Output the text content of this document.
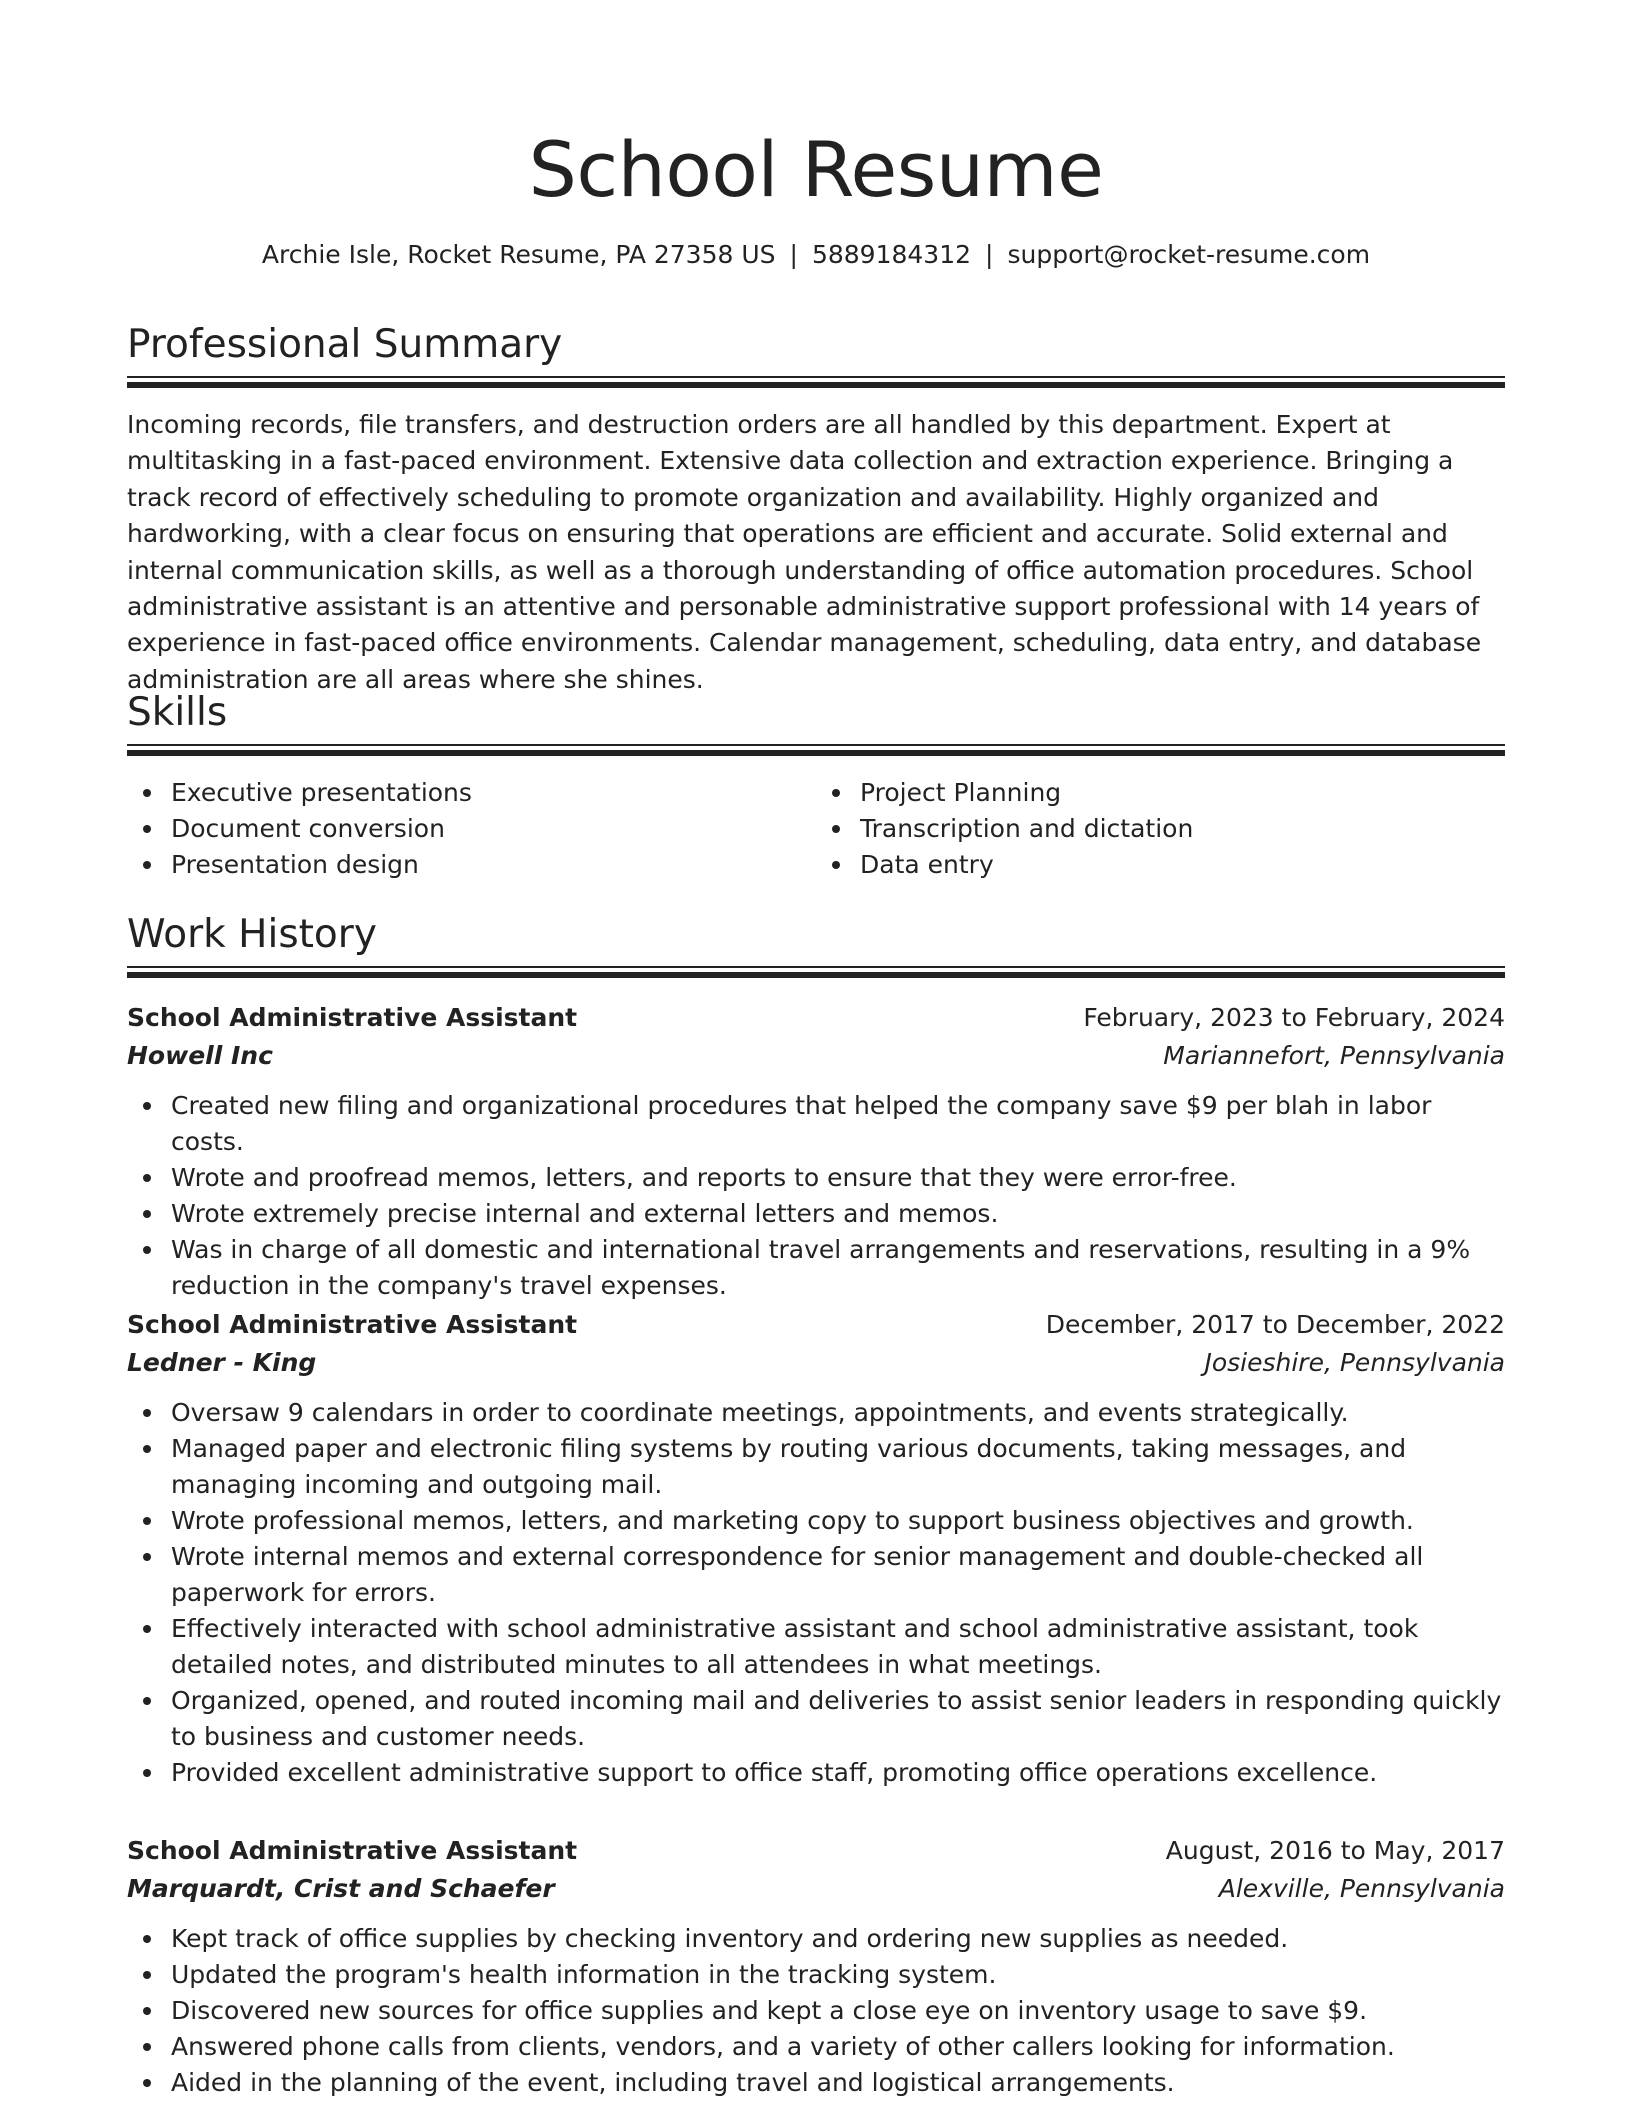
School Resume
Archie Isle, Rocket Resume, PA 27358 US | 5889184312 | support@rocket-resume.com
Professional Summary

Incoming records, file transfers, and destruction orders are all handled by this department. Expert at multitasking in a fast-paced environment. Extensive data collection and extraction experience. Bringing a track record of effectively scheduling to promote organization and availability. Highly organized and hardworking, with a clear focus on ensuring that operations are efficient and accurate. Solid external and internal communication skills, as well as a thorough understanding of office automation procedures. School administrative assistant is an attentive and personable administrative support professional with 14 years of experience in fast-paced office environments. Calendar management, scheduling, data entry, and database administration are all areas where she shines.

Skills
Executive presentations
Document conversion
Presentation design
Project Planning
Transcription and dictation
Data entry
Work History
School Administrative Assistant	February, 2023 to February, 2024
Howell Inc	Mariannefort, Pennsylvania
Created new filing and organizational procedures that helped the company save $9 per blah in labor costs.
Wrote and proofread memos, letters, and reports to ensure that they were error-free.
Wrote extremely precise internal and external letters and memos.
Was in charge of all domestic and international travel arrangements and reservations, resulting in a 9% reduction in the company's travel expenses.
School Administrative Assistant	December, 2017 to December, 2022
Ledner - King	Josieshire, Pennsylvania
Oversaw 9 calendars in order to coordinate meetings, appointments, and events strategically.
Managed paper and electronic filing systems by routing various documents, taking messages, and managing incoming and outgoing mail.
Wrote professional memos, letters, and marketing copy to support business objectives and growth.
Wrote internal memos and external correspondence for senior management and double-checked all paperwork for errors.
Effectively interacted with school administrative assistant and school administrative assistant, took detailed notes, and distributed minutes to all attendees in what meetings.
Organized, opened, and routed incoming mail and deliveries to assist senior leaders in responding quickly to business and customer needs.
Provided excellent administrative support to office staff, promoting office operations excellence.
School Administrative Assistant	August, 2016 to May, 2017
Marquardt, Crist and Schaefer	Alexville, Pennsylvania
Kept track of office supplies by checking inventory and ordering new supplies as needed.
Updated the program's health information in the tracking system.
Discovered new sources for office supplies and kept a close eye on inventory usage to save $9.
Answered phone calls from clients, vendors, and a variety of other callers looking for information.
Aided in the planning of the event, including travel and logistical arrangements.
